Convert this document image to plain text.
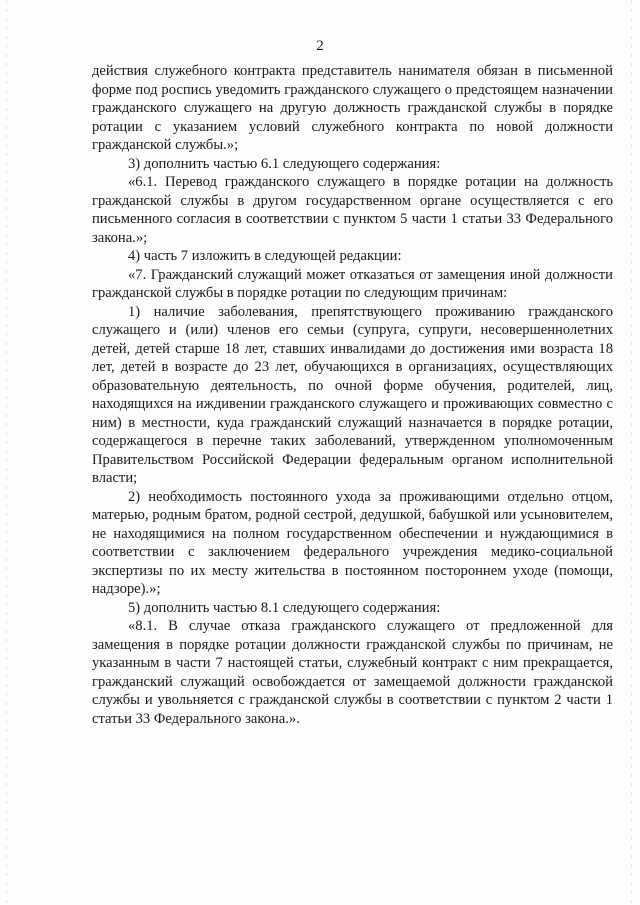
2

действия служебного контракта представитель нанимателя обязан в письменной форме под роспись уведомить гражданского служащего о предстоящем назначении гражданского служащего на другую должность гражданской службы в порядке ротации с указанием условий служебного контракта по новой должности гражданской службы.»;

3) дополнить частью 6.1 следующего содержания:

«6.1. Перевод гражданского служащего в порядке ротации на должность гражданской службы в другом государственном органе осуществляется с его письменного согласия в соответствии с пунктом 5 части 1 статьи 33 Федерального закона.»;

4) часть 7 изложить в следующей редакции:

«7. Гражданский служащий может отказаться от замещения иной должности гражданской службы в порядке ротации по следующим причинам:

1) наличие заболевания, препятствующего проживанию гражданского служащего и (или) членов его семьи (супруга, супруги, несовершеннолетних детей, детей старше 18 лет, ставших инвалидами до достижения ими возраста 18 лет, детей в возрасте до 23 лет, обучающихся в организациях, осуществляющих образовательную деятельность, по очной форме обучения, родителей, лиц, находящихся на иждивении гражданского служащего и проживающих совместно с ним) в местности, куда гражданский служащий назначается в порядке ротации, содержащегося в перечне таких заболеваний, утвержденном уполномоченным Правительством Российской Федерации федеральным органом исполнительной власти;

2) необходимость постоянного ухода за проживающими отдельно отцом, матерью, родным братом, родной сестрой, дедушкой, бабушкой или усыновителем, не находящимися на полном государственном обеспечении и нуждающимися в соответствии с заключением федерального учреждения медико-социальной экспертизы по их месту жительства в постоянном постороннем уходе (помощи, надзоре).»;

5) дополнить частью 8.1 следующего содержания:

«8.1. В случае отказа гражданского служащего от предложенной для замещения в порядке ротации должности гражданской службы по причинам, не указанным в части 7 настоящей статьи, служебный контракт с ним прекращается, гражданский служащий освобождается от замещаемой должности гражданской службы и увольняется с гражданской службы в соответствии с пунктом 2 части 1 статьи 33 Федерального закона.».
